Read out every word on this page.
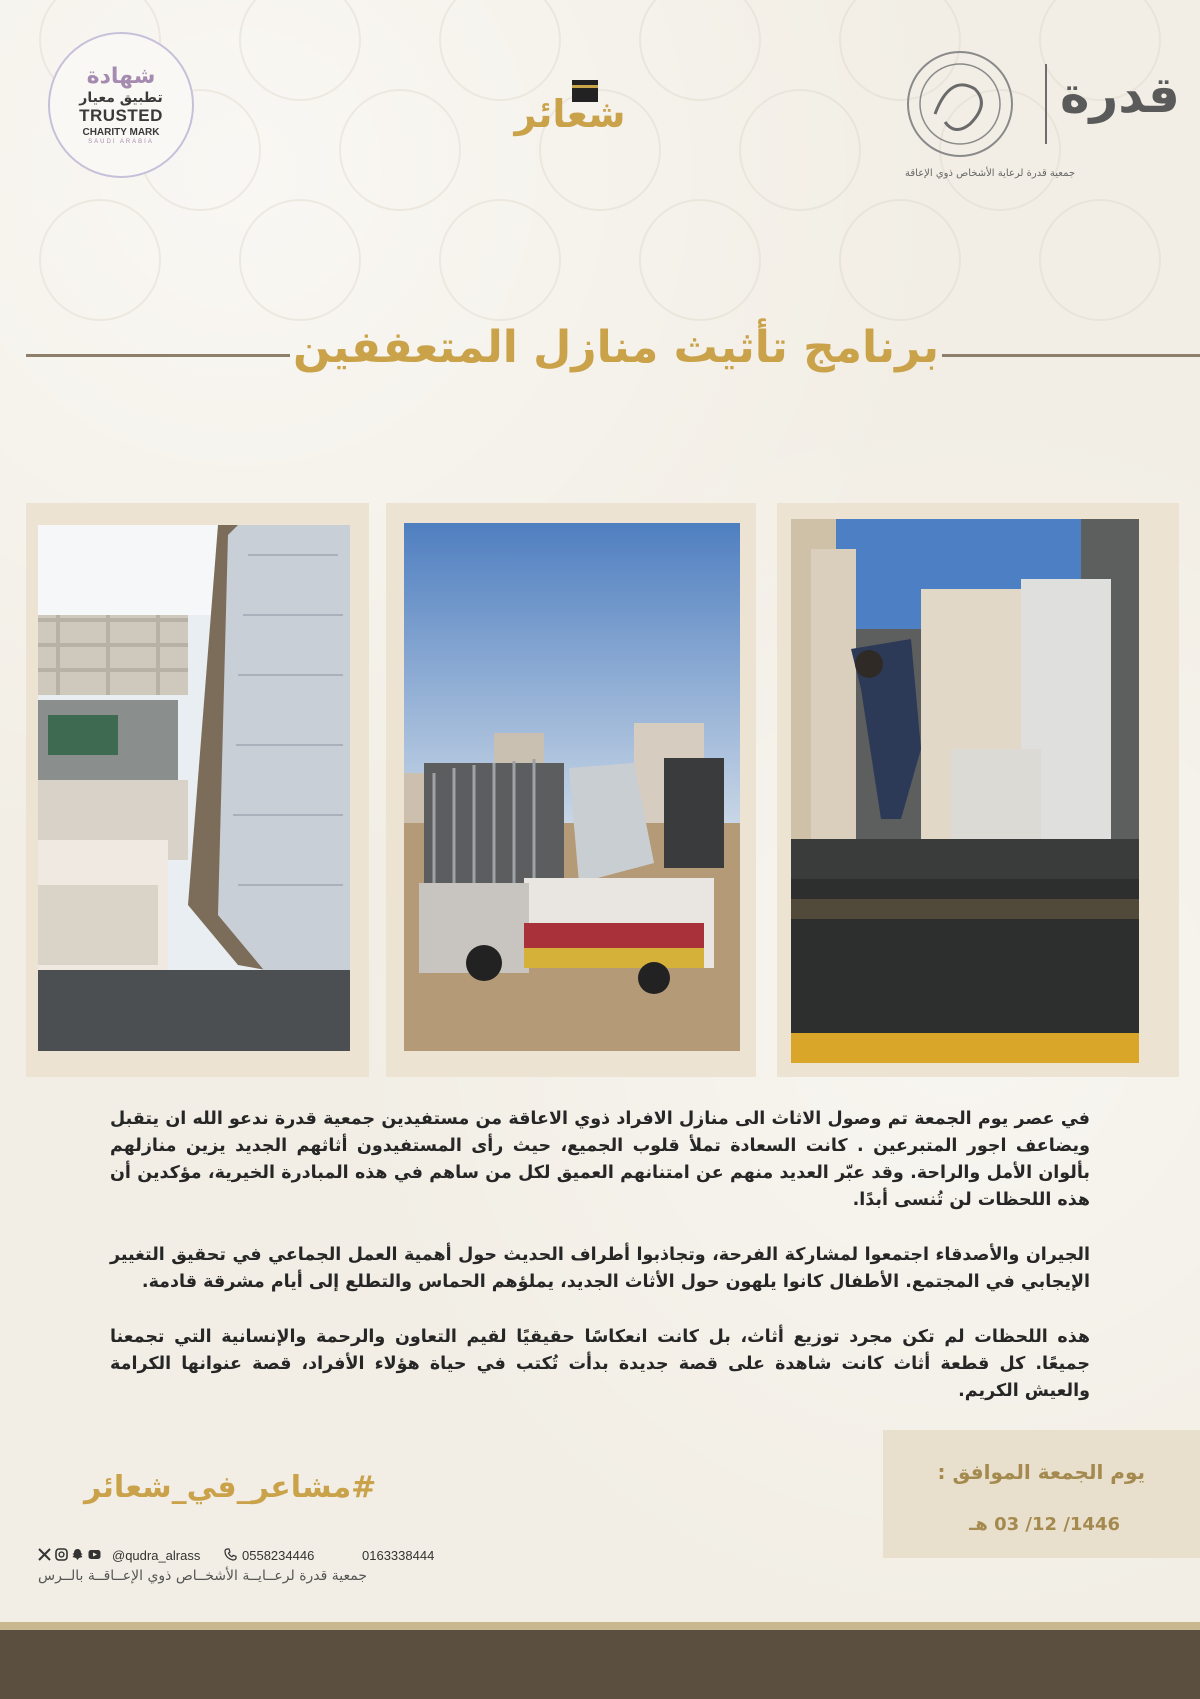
شهادة
تطبيق معيار
TRUSTED
CHARITY MARK
SAUDI ARABIA
شعائر	قدرة
جمعية قدرة لرعاية الأشخاص ذوي الإعاقة
برنامج تأثيث منازل المتعففين

في عصر يوم الجمعة تم وصول الاثاث الى منازل الافراد ذوي الاعاقة من مستفيدين جمعية قدرة ندعو الله ان يتقبل ويضاعف اجور المتبرعين . كانت السعادة تملأ قلوب الجميع، حيث رأى المستفيدون أثاثهم الجديد يزين منازلهم بألوان الأمل والراحة. وقد عبّر العديد منهم عن امتنانهم العميق لكل من ساهم في هذه المبادرة الخيرية، مؤكدين أن هذه اللحظات لن تُنسى أبدًا.

الجيران والأصدقاء اجتمعوا لمشاركة الفرحة، وتجاذبوا أطراف الحديث حول أهمية العمل الجماعي في تحقيق التغيير الإيجابي في المجتمع. الأطفال كانوا يلهون حول الأثاث الجديد، يملؤهم الحماس والتطلع إلى أيام مشرقة قادمة.

هذه اللحظات لم تكن مجرد توزيع أثاث، بل كانت انعكاسًا حقيقيًا لقيم التعاون والرحمة والإنسانية التي تجمعنا جميعًا. كل قطعة أثاث كانت شاهدة على قصة جديدة بدأت تُكتب في حياة هؤلاء الأفراد، قصة عنوانها الكرامة والعيش الكريم.

يوم الجمعة الموافق :
1446/ 12/ 03 هـ
#مشاعر_في_شعائر

@qudra_alrass	0558234446	0163338444
جمعية قدرة لرعــايــة الأشخــاص ذوي الإعــاقــة بالــرس
